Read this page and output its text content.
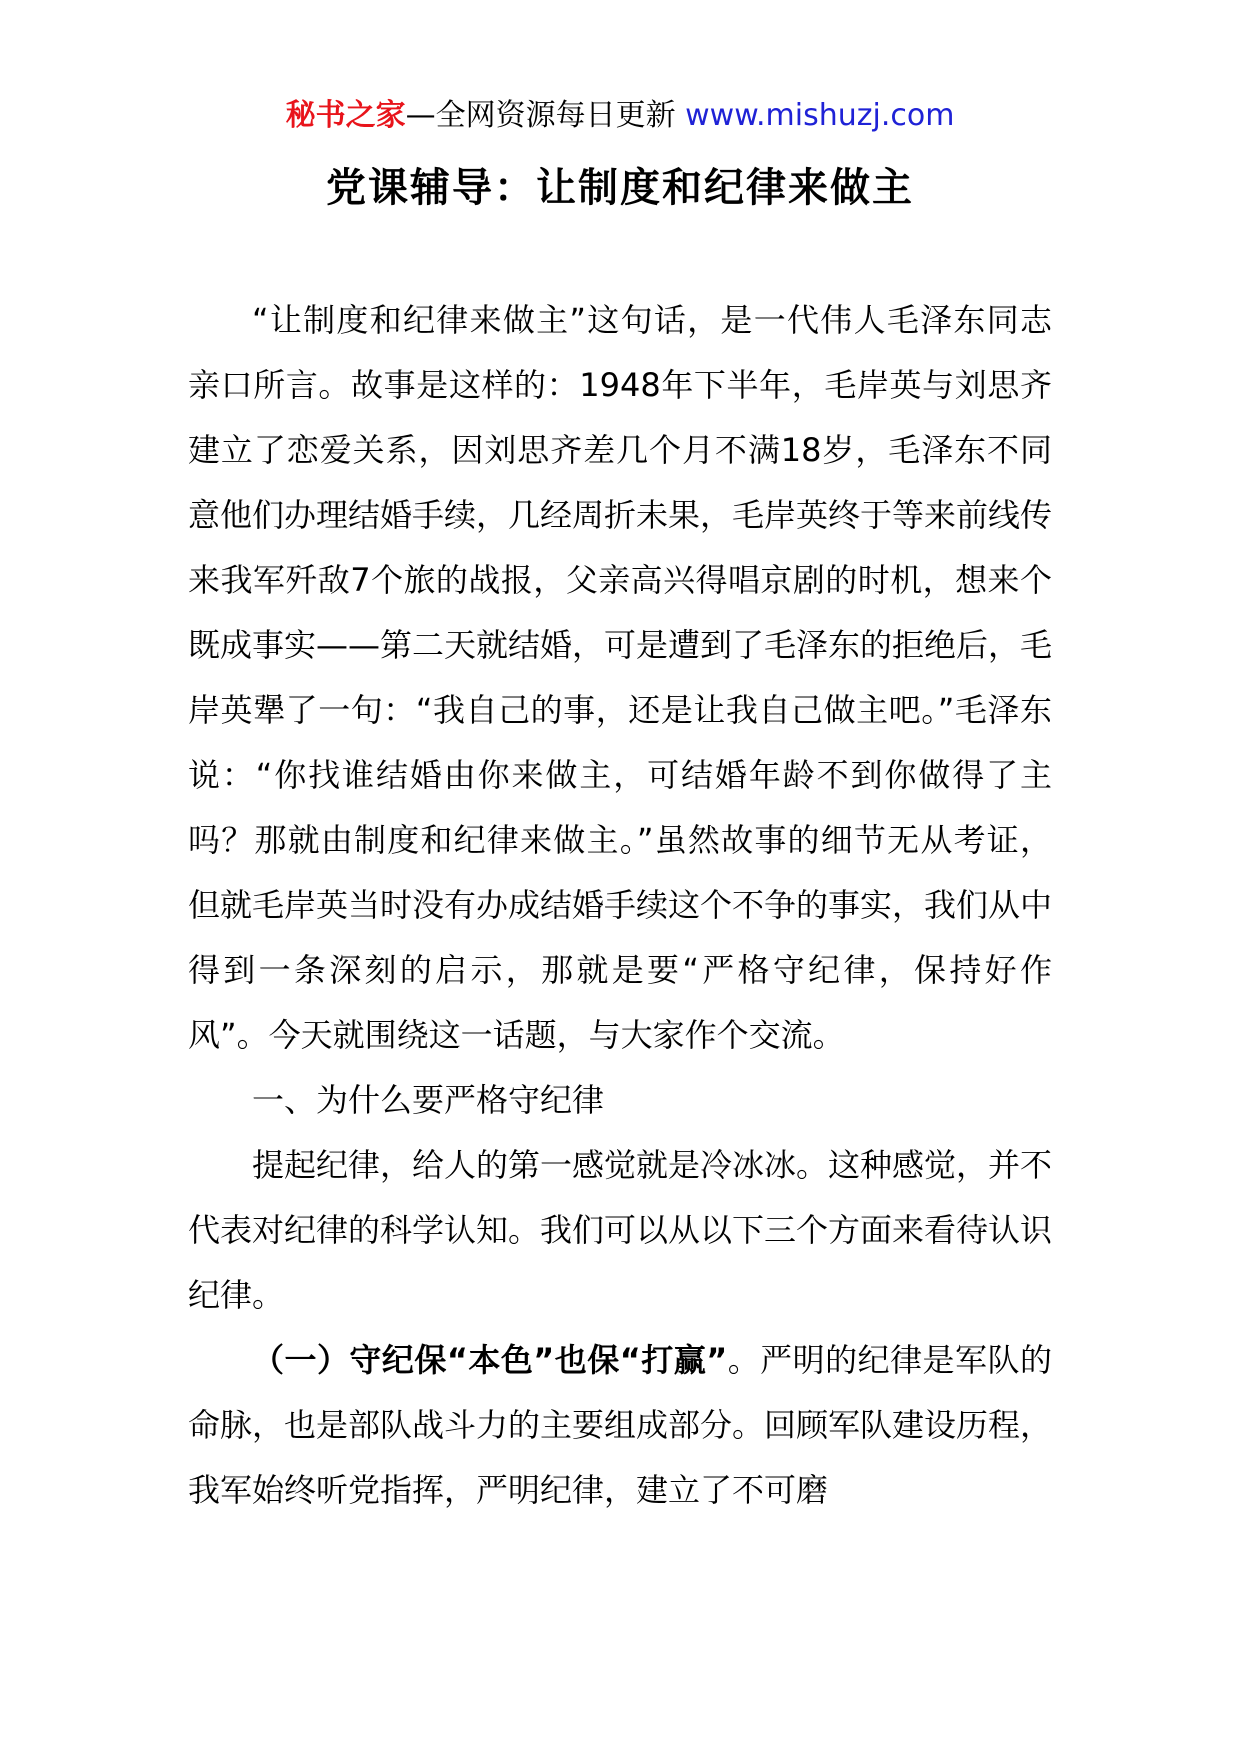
秘书之家—全网资源每日更新 www.mishuzj.com
党课辅导：让制度和纪律来做主

“让制度和纪律来做主”这句话，是一代伟人毛泽东同志亲口所言。故事是这样的：1948年下半年，毛岸英与刘思齐建立了恋爱关系，因刘思齐差几个月不满18岁，毛泽东不同意他们办理结婚手续，几经周折未果，毛岸英终于等来前线传来我军歼敌7个旅的战报，父亲高兴得唱京剧的时机，想来个既成事实——第二天就结婚，可是遭到了毛泽东的拒绝后，毛岸英犟了一句：“我自己的事，还是让我自己做主吧。”毛泽东说：“你找谁结婚由你来做主，可结婚年龄不到你做得了主吗？那就由制度和纪律来做主。”虽然故事的细节无从考证，但就毛岸英当时没有办成结婚手续这个不争的事实，我们从中得到一条深刻的启示，那就是要“严格守纪律，保持好作风”。今天就围绕这一话题，与大家作个交流。

一、为什么要严格守纪律

提起纪律，给人的第一感觉就是冷冰冰。这种感觉，并不代表对纪律的科学认知。我们可以从以下三个方面来看待认识纪律。

（一）守纪保“本色”也保“打赢”。严明的纪律是军队的命脉，也是部队战斗力的主要组成部分。回顾军队建设历程，我军始终听党指挥，严明纪律，建立了不可磨
